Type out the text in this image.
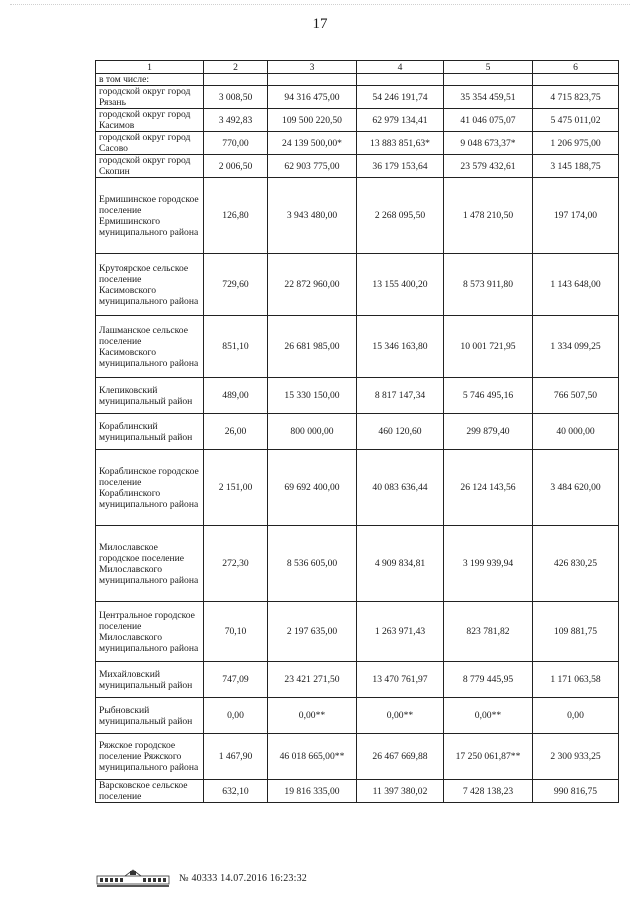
17
1	2	3	4	5	6
в том числе:					
городской округ город Рязань	3 008,50	94 316 475,00	54 246 191,74	35 354 459,51	4 715 823,75
городской округ город Касимов	3 492,83	109 500 220,50	62 979 134,41	41 046 075,07	5 475 011,02
городской округ город Сасово	770,00	24 139 500,00*	13 883 851,63*	9 048 673,37*	1 206 975,00
городской округ город Скопин	2 006,50	62 903 775,00	36 179 153,64	23 579 432,61	3 145 188,75
Ермишинское городское поселение Ермишинского муниципального района	126,80	3 943 480,00	2 268 095,50	1 478 210,50	197 174,00
Крутоярское сельское поселение Касимовского муниципального района	729,60	22 872 960,00	13 155 400,20	8 573 911,80	1 143 648,00
Лашманское сельское поселение Касимовского муниципального района	851,10	26 681 985,00	15 346 163,80	10 001 721,95	1 334 099,25
Клепиковский муниципальный район	489,00	15 330 150,00	8 817 147,34	5 746 495,16	766 507,50
Кораблинский муниципальный район	26,00	800 000,00	460 120,60	299 879,40	40 000,00
Кораблинское городское поселение Кораблинского муниципального района	2 151,00	69 692 400,00	40 083 636,44	26 124 143,56	3 484 620,00
Милославское городское поселение Милославского муниципального района	272,30	8 536 605,00	4 909 834,81	3 199 939,94	426 830,25
Центральное городское поселение Милославского муниципального района	70,10	2 197 635,00	1 263 971,43	823 781,82	109 881,75
Михайловский муниципальный район	747,09	23 421 271,50	13 470 761,97	8 779 445,95	1 171 063,58
Рыбновский муниципальный район	0,00	0,00**	0,00**	0,00**	0,00
Ряжское городское поселение Ряжского муниципального района	1 467,90	46 018 665,00**	26 467 669,88	17 250 061,87**	2 300 933,25
Варсковское сельское поселение	632,10	19 816 335,00	11 397 380,02	7 428 138,23	990 816,75
№ 40333 14.07.2016 16:23:32
